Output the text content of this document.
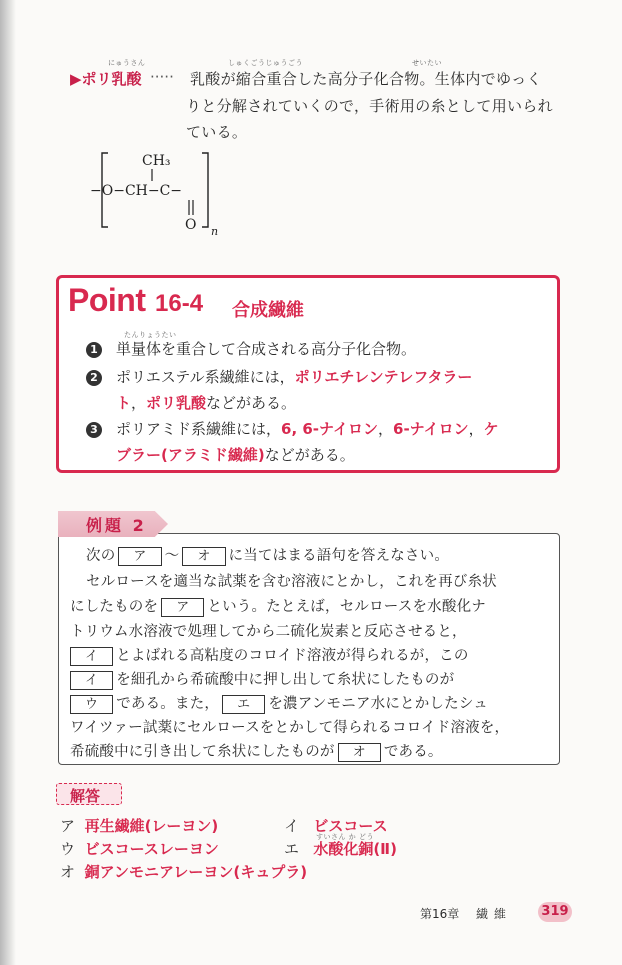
にゅうさん
▶ポリ乳酸 ·····
しゅくごうじゅうごう	せいたい
乳酸が縮合重合した高分子化合物。生体内でゆっく
りと分解されていくので，手術用の糸として用いられ
ている。
CH₃
−O−CH−C−
O n
Point 16-4 合成繊維
たんりょうたい
1 単量体を重合して合成される高分子化合物。
2 ポリエステル系繊維には，ポリエチレンテレフタラー
ト，ポリ乳酸などがある。
3 ポリアミド系繊維には，6, 6-ナイロン，6-ナイロン，ケ
ブラー(アラミド繊維)などがある。
例題 2
次の ア 〜 オ に当てはまる語句を答えなさい。
セルロースを適当な試薬を含む溶液にとかし，これを再び糸状
にしたものを ア という。たとえば，セルロースを水酸化ナ
トリウム水溶液で処理してから二硫化炭素と反応させると，
イ とよばれる高粘度のコロイド溶液が得られるが，この
イ を細孔から希硫酸中に押し出して糸状にしたものが
ウ である。また， エ を濃アンモニア水にとかしたシュ
ワイツァー試薬にセルロースをとかして得られるコロイド溶液を，
希硫酸中に引き出して糸状にしたものが オ である。
解答
ア 再生繊維(レーヨン)	イ ビスコース
すいさん か どう
ウ ビスコースレーヨン	エ 水酸化銅(Ⅱ)
オ 銅アンモニアレーヨン(キュプラ)
第16章 繊維 319
